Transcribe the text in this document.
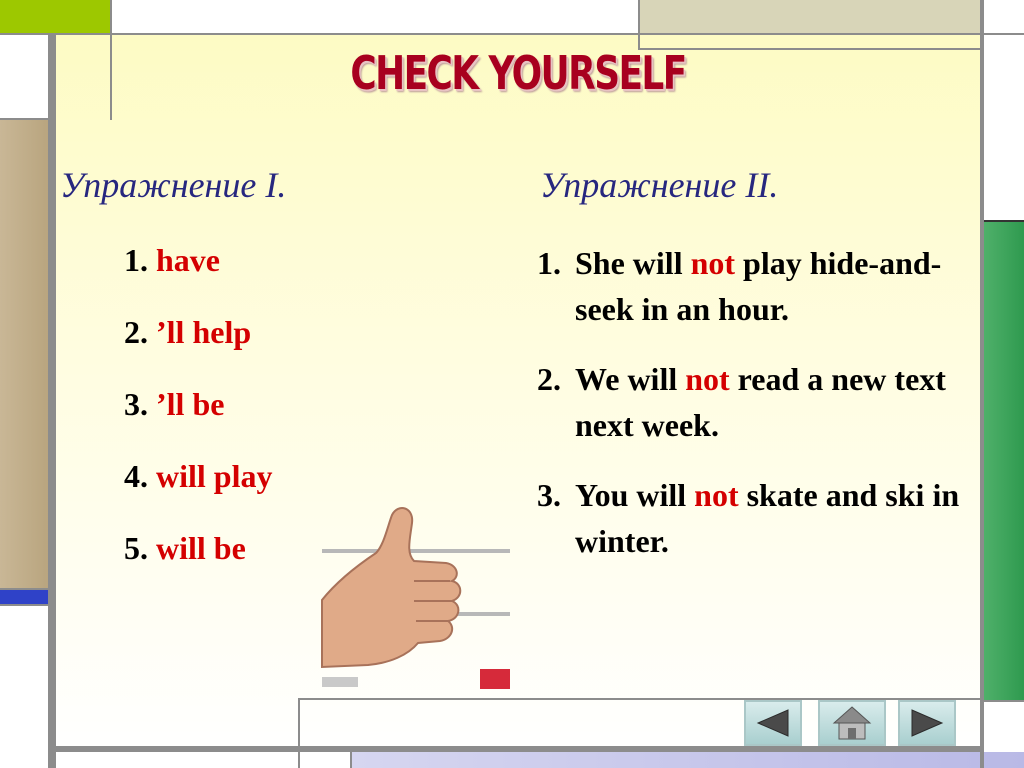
CHECK YOURSELF
Упражнение I.
1. have
2. ’ll help
3. ’ll be
4. will play
5. will be
Упражнение II.
1. She will not play hide-and-seek in an hour.
2. We will not read a new text next week.
3. You will not skate and ski in winter.
